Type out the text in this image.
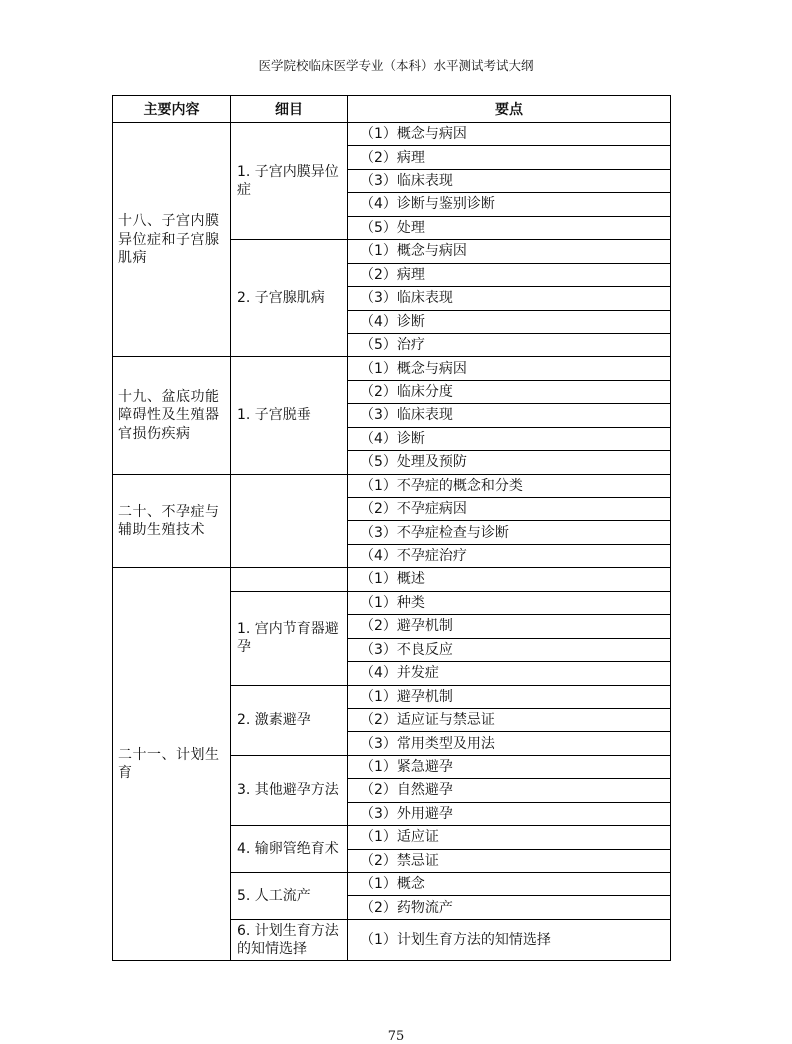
医学院校临床医学专业（本科）水平测试考试大纲
主要内容	细目	要点
十八、子宫内膜异位症和子宫腺肌病	1. 子宫内膜异位症	（1）概念与病因
		（2）病理
		（3）临床表现
		（4）诊断与鉴别诊断
		（5）处理
	2. 子宫腺肌病	（1）概念与病因
		（2）病理
		（3）临床表现
		（4）诊断
		（5）治疗
十九、盆底功能障碍性及生殖器官损伤疾病	1. 子宫脱垂	（1）概念与病因
		（2）临床分度
		（3）临床表现
		（4）诊断
		（5）处理及预防
二十、不孕症与辅助生殖技术		（1）不孕症的概念和分类
		（2）不孕症病因
		（3）不孕症检查与诊断
		（4）不孕症治疗
二十一、计划生育		（1）概述
	1. 宫内节育器避孕	（1）种类
		（2）避孕机制
		（3）不良反应
		（4）并发症
	2. 激素避孕	（1）避孕机制
		（2）适应证与禁忌证
		（3）常用类型及用法
	3. 其他避孕方法	（1）紧急避孕
		（2）自然避孕
		（3）外用避孕
	4. 输卵管绝育术	（1）适应证
		（2）禁忌证
	5. 人工流产	（1）概念
		（2）药物流产
	6. 计划生育方法的知情选择	（1）计划生育方法的知情选择
75
